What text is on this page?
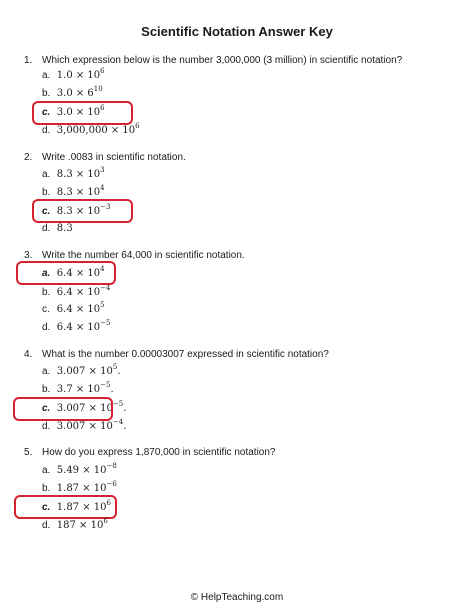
Scientific Notation Answer Key
1. Which expression below is the number 3,000,000 (3 million) in scientific notation?
a. $1.0 \times 10^6$
b. $3.0 \times 6^{10}$
c. $3.0 \times 10^6$
d. $3,000,000 \times 10^6$
2. Write .0083 in scientific notation.
a. $8.3 \times 10^3$
b. $8.3 \times 10^4$
c. $8.3 \times 10^{-3}$
d. 8.3
3. Write the number 64,000 in scientific notation.
a. $6.4 \times 10^4$
b. $6.4 \times 10^{-4}$
c. $6.4 \times 10^5$
d. $6.4 \times 10^{-5}$
4. What is the number 0.00003007 expressed in scientific notation?
a. $3.007 \times 10^5$.
b. $3.7 \times 10^{-5}$.
c. $3.007 \times 10^{-5}$.
d. $3.007 \times 10^{-4}$.
5. How do you express 1,870,000 in scientific notation?
a. $5.49 \times 10^{-8}$
b. $1.87 \times 10^{-6}$
c. $1.87 \times 10^6$
d. $187 \times 10^6$
© HelpTeaching.com
